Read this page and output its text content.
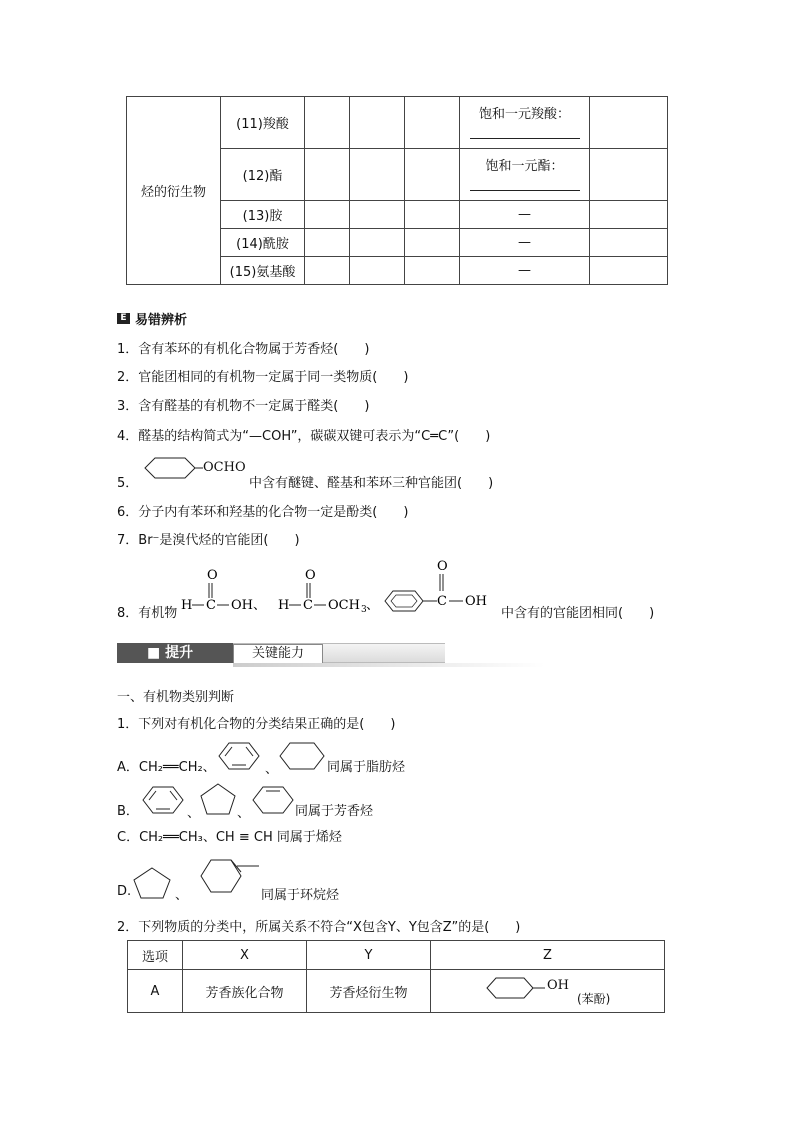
烃的衍生物	(11)羧酸				饱和一元羧酸：	

	(12)酯				饱和一元酯：	

	(13)胺				—	
	(14)酰胺				—	
	(15)氨基酸				—	
E 易错辨析
1．含有苯环的有机化合物属于芳香烃(　　)
2．官能团相同的有机物一定属于同一类物质(　　)
3．含有醛基的有机物不一定属于醛类(　　)
4．醛基的结构简式为“—COH”，碳碳双键可表示为“C═C”(　　)
5．
OCHO
中含有醚键、醛基和苯环三种官能团(　　)
6．分子内有苯环和羟基的化合物一定是酚类(　　)
7．Br⁻是溴代烃的官能团(　　)
8．有机物
O
H C OH、
O
H C OCH 3 、	C
O
OH
中含有的官能团相同(　　)
■ 提升	关键能力
一、有机物类别判断
1．下列对有机化合物的分类结果正确的是(　　)
A．CH₂══CH₂、	、	同属于脂肪烃
B．	、	、	同属于芳香烃
C．CH₂══CH₃、CH ≡ CH 同属于烯烃
D.	、	同属于环烷烃
2．下列物质的分类中，所属关系不符合“X包含Y、Y包含Z”的是(　　)
选项	X	Y	Z
A	芳香族化合物	芳香烃衍生物	OH
(苯酚)
